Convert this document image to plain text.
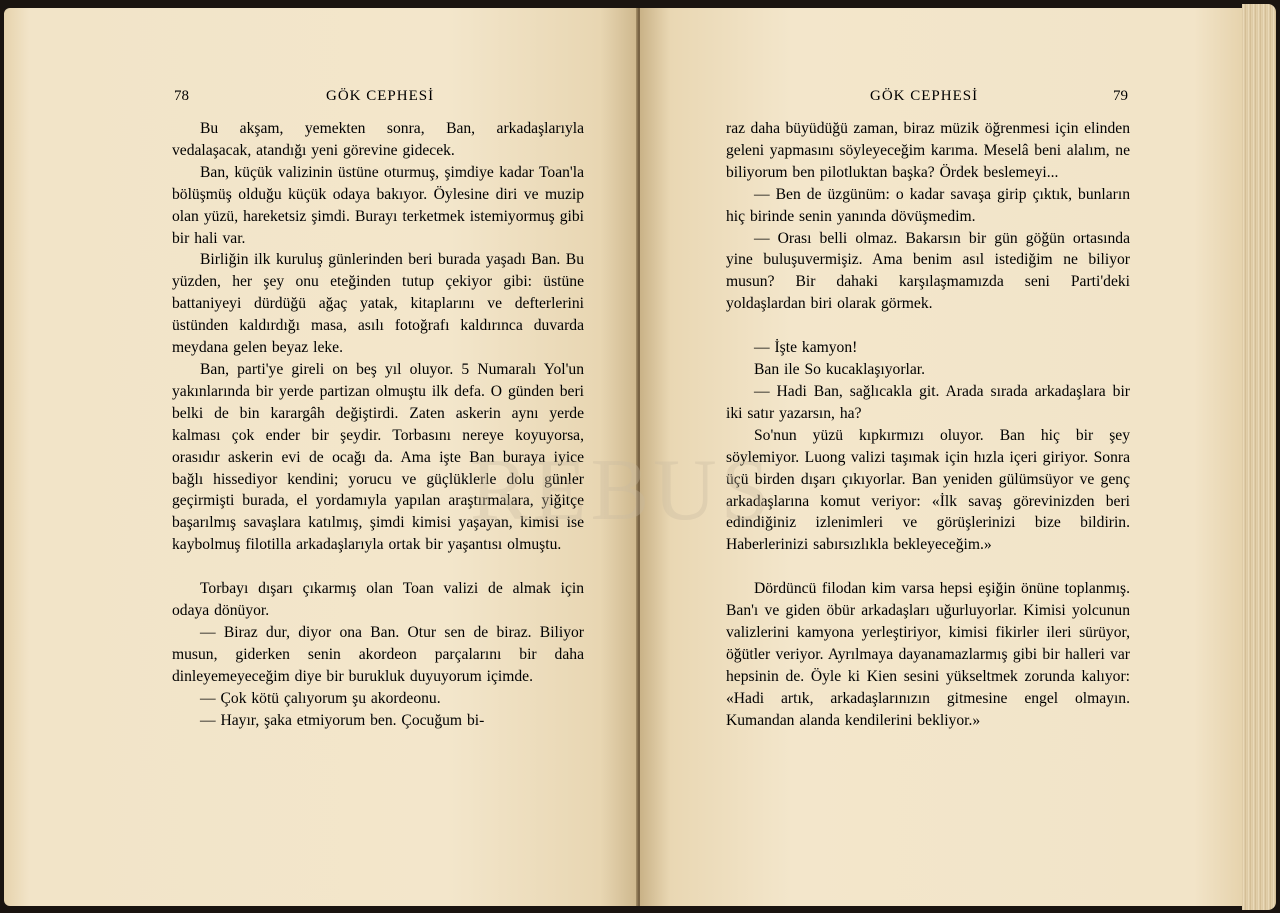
78	GÖK CEPHESİ	GÖK CEPHESİ	79

Bu akşam, yemekten sonra, Ban, arkadaşlarıyla vedalaşacak, atandığı yeni görevine gidecek.

Ban, küçük valizinin üstüne oturmuş, şimdiye kadar Toan'la bölüşmüş olduğu küçük odaya bakıyor. Öylesine diri ve muzip olan yüzü, hareketsiz şimdi. Burayı terketmek istemiyormuş gibi bir hali var.

Birliğin ilk kuruluş günlerinden beri burada yaşadı Ban. Bu yüzden, her şey onu eteğinden tutup çekiyor gibi: üstüne battaniyeyi dürdüğü ağaç yatak, kitaplarını ve defterlerini üstünden kaldırdığı masa, asılı fotoğrafı kaldırınca duvarda meydana gelen beyaz leke.

Ban, parti'ye gireli on beş yıl oluyor. 5 Numaralı Yol'un yakınlarında bir yerde partizan olmuştu ilk defa. O günden beri belki de bin karargâh değiştirdi. Zaten askerin aynı yerde kalması çok ender bir şeydir. Torbasını nereye koyuyorsa, orasıdır askerin evi de ocağı da. Ama işte Ban buraya iyice bağlı hissediyor kendini; yorucu ve güçlüklerle dolu günler geçirmişti burada, el yordamıyla yapılan araştırmalara, yiğitçe başarılmış savaşlara katılmış, şimdi kimisi yaşayan, kimisi ise kaybolmuş filotilla arkadaşlarıyla ortak bir yaşantısı olmuştu.

Torbayı dışarı çıkarmış olan Toan valizi de almak için odaya dönüyor.

— Biraz dur, diyor ona Ban. Otur sen de biraz. Biliyor musun, giderken senin akordeon parçalarını bir daha dinleyemeyeceğim diye bir burukluk duyuyorum içimde.

— Çok kötü çalıyorum şu akordeonu.

— Hayır, şaka etmiyorum ben. Çocuğum bi-

raz daha büyüdüğü zaman, biraz müzik öğrenmesi için elinden geleni yapmasını söyleyeceğim karıma. Meselâ beni alalım, ne biliyorum ben pilotluktan başka? Ördek beslemeyi...

— Ben de üzgünüm: o kadar savaşa girip çıktık, bunların hiç birinde senin yanında dövüşmedim.

— Orası belli olmaz. Bakarsın bir gün göğün ortasında yine buluşuvermişiz. Ama benim asıl istediğim ne biliyor musun? Bir dahaki karşılaşmamızda seni Parti'deki yoldaşlardan biri olarak görmek.

— İşte kamyon!

Ban ile So kucaklaşıyorlar.

— Hadi Ban, sağlıcakla git. Arada sırada arkadaşlara bir iki satır yazarsın, ha?

So'nun yüzü kıpkırmızı oluyor. Ban hiç bir şey söylemiyor. Luong valizi taşımak için hızla içeri giriyor. Sonra üçü birden dışarı çıkıyorlar. Ban yeniden gülümsüyor ve genç arkadaşlarına komut veriyor: «İlk savaş görevinizden beri edindiğiniz izlenimleri ve görüşlerinizi bize bildirin. Haberlerinizi sabırsızlıkla bekleyeceğim.»

Dördüncü filodan kim varsa hepsi eşiğin önüne toplanmış. Ban'ı ve giden öbür arkadaşları uğurluyorlar. Kimisi yolcunun valizlerini kamyona yerleştiriyor, kimisi fikirler ileri sürüyor, öğütler veriyor. Ayrılmaya dayanamazlarmış gibi bir halleri var hepsinin de. Öyle ki Kien sesini yükseltmek zorunda kalıyor: «Hadi artık, arkadaşlarınızın gitmesine engel olmayın. Kumandan alanda kendilerini bekliyor.»

REBUS
